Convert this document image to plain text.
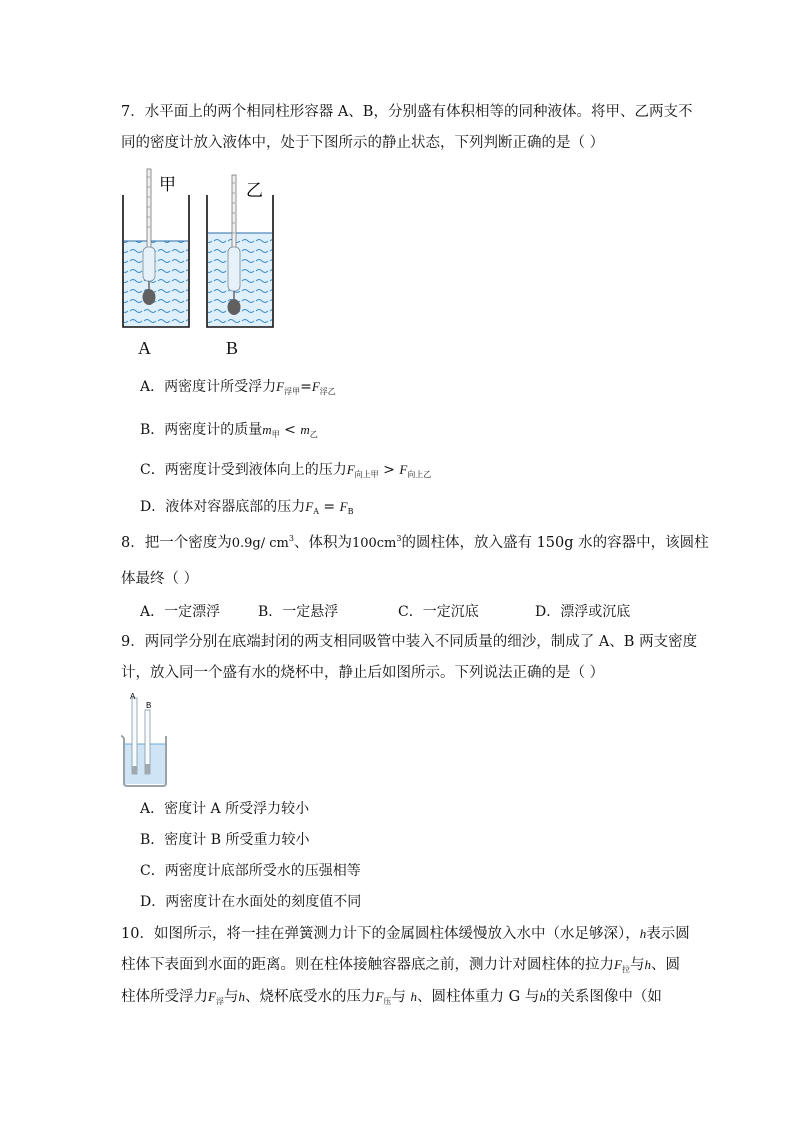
7．水平面上的两个相同柱形容器 A、B，分别盛有体积相等的同种液体。将甲、乙两支不
同的密度计放入液体中，处于下图所示的静止状态，下列判断正确的是（ ）
甲	乙
A	B
A．两密度计所受浮力$F_{浮甲}=F_{浮乙}$
B．两密度计的质量$m_甲 < m_乙$
C．两密度计受到液体向上的压力$F_{向上甲} > F_{向上乙}$
D．液体对容器底部的压力$F_A = F_B$
8．把一个密度为0.9g/ $cm^3$、体积为$100cm^3$的圆柱体，放入盛有 150g 水的容器中，该圆柱
体最终（ ）
A．一定漂浮	B．一定悬浮	C．一定沉底	D．漂浮或沉底
9．两同学分别在底端封闭的两支相同吸管中装入不同质量的细沙，制成了 A、B 两支密度
计，放入同一个盛有水的烧杯中，静止后如图所示。下列说法正确的是（ ）
A
B
A．密度计 A 所受浮力较小
B．密度计 B 所受重力较小
C．两密度计底部所受水的压强相等
D．两密度计在水面处的刻度值不同
10．如图所示，将一挂在弹簧测力计下的金属圆柱体缓慢放入水中（水足够深），h表示圆
柱体下表面到水面的距离。则在柱体接触容器底之前，测力计对圆柱体的拉力$F_拉$与h、圆
柱体所受浮力$F_浮$与h、烧杯底受水的压力$F_压$与 h、圆柱体重力 G 与h的关系图像中（如
